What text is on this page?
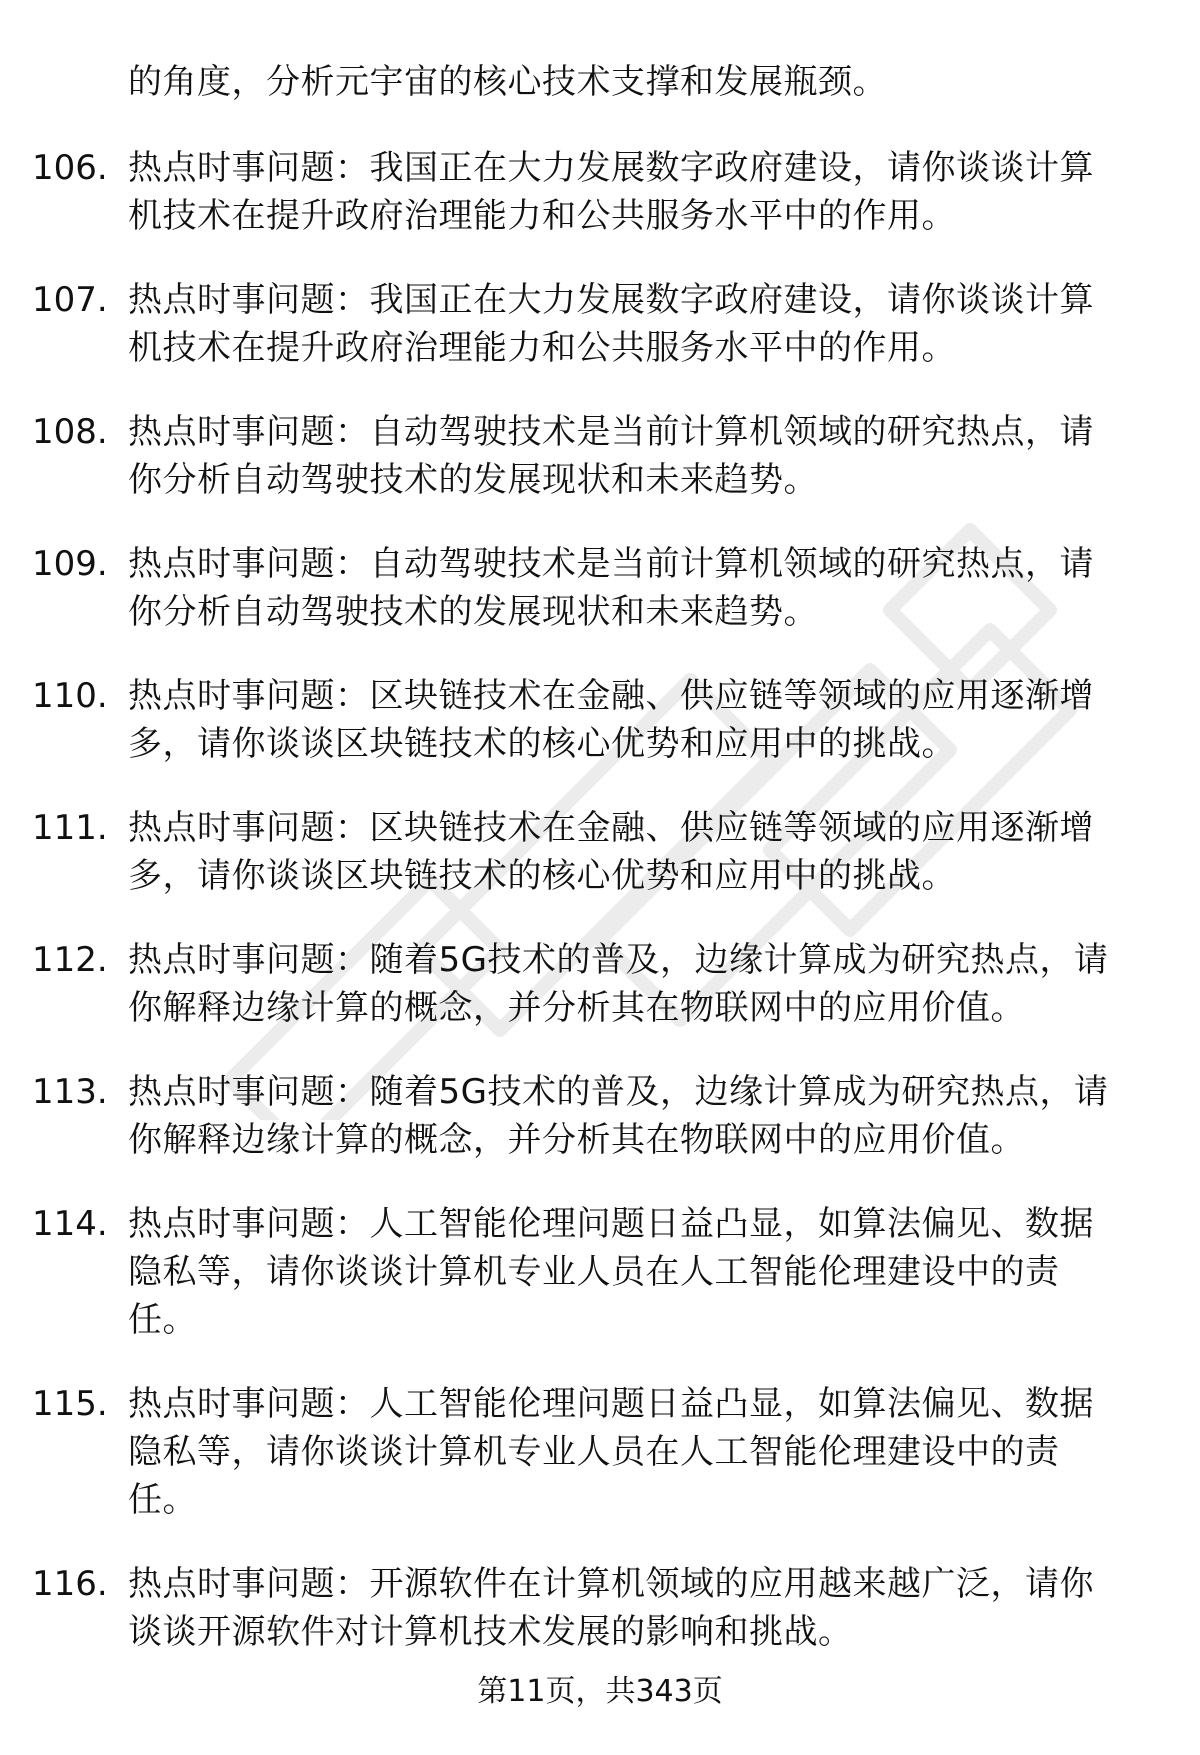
的角度，分析元宇宙的核心技术支撑和发展瓶颈。
106. 热点时事问题：我国正在大力发展数字政府建设，请你谈谈计算
机技术在提升政府治理能力和公共服务水平中的作用。
107. 热点时事问题：我国正在大力发展数字政府建设，请你谈谈计算
机技术在提升政府治理能力和公共服务水平中的作用。
108. 热点时事问题：自动驾驶技术是当前计算机领域的研究热点，请
你分析自动驾驶技术的发展现状和未来趋势。
109. 热点时事问题：自动驾驶技术是当前计算机领域的研究热点，请
你分析自动驾驶技术的发展现状和未来趋势。
110. 热点时事问题：区块链技术在金融、供应链等领域的应用逐渐增
多，请你谈谈区块链技术的核心优势和应用中的挑战。
111. 热点时事问题：区块链技术在金融、供应链等领域的应用逐渐增
多，请你谈谈区块链技术的核心优势和应用中的挑战。
112. 热点时事问题：随着5G技术的普及，边缘计算成为研究热点，请
你解释边缘计算的概念，并分析其在物联网中的应用价值。
113. 热点时事问题：随着5G技术的普及，边缘计算成为研究热点，请
你解释边缘计算的概念，并分析其在物联网中的应用价值。
114. 热点时事问题：人工智能伦理问题日益凸显，如算法偏见、数据
隐私等，请你谈谈计算机专业人员在人工智能伦理建设中的责
任。
115. 热点时事问题：人工智能伦理问题日益凸显，如算法偏见、数据
隐私等，请你谈谈计算机专业人员在人工智能伦理建设中的责
任。
116. 热点时事问题：开源软件在计算机领域的应用越来越广泛，请你
谈谈开源软件对计算机技术发展的影响和挑战。
第11页，共343页
